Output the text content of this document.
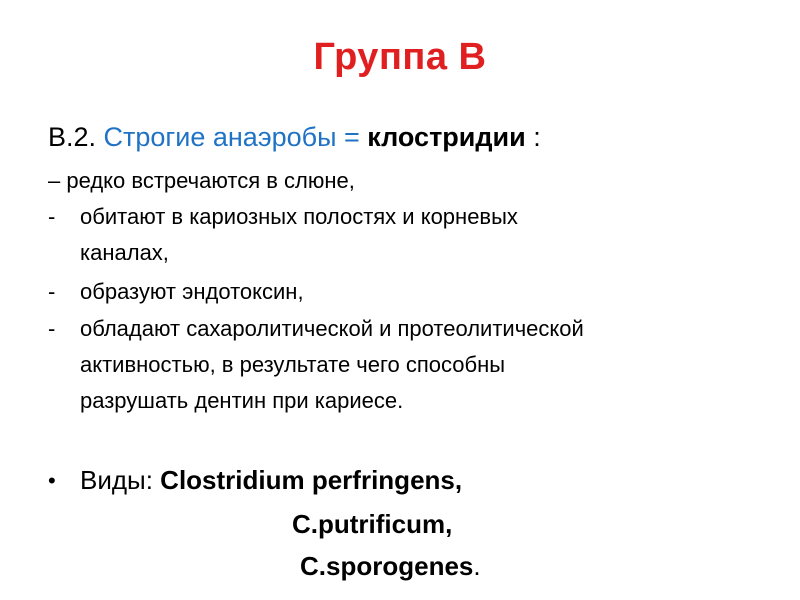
Группа В
В.2. Строгие анаэробы = клостридии :
– редко встречаются в слюне,
- обитают в кариозных полостях и корневых
каналах,
- образуют эндотоксин,
- обладают сахаролитической и протеолитической
активностью, в результате чего способны
разрушать дентин при кариесе.
• Виды: Clostridium perfringens,
C.putrificum,
C.sporogenes.
